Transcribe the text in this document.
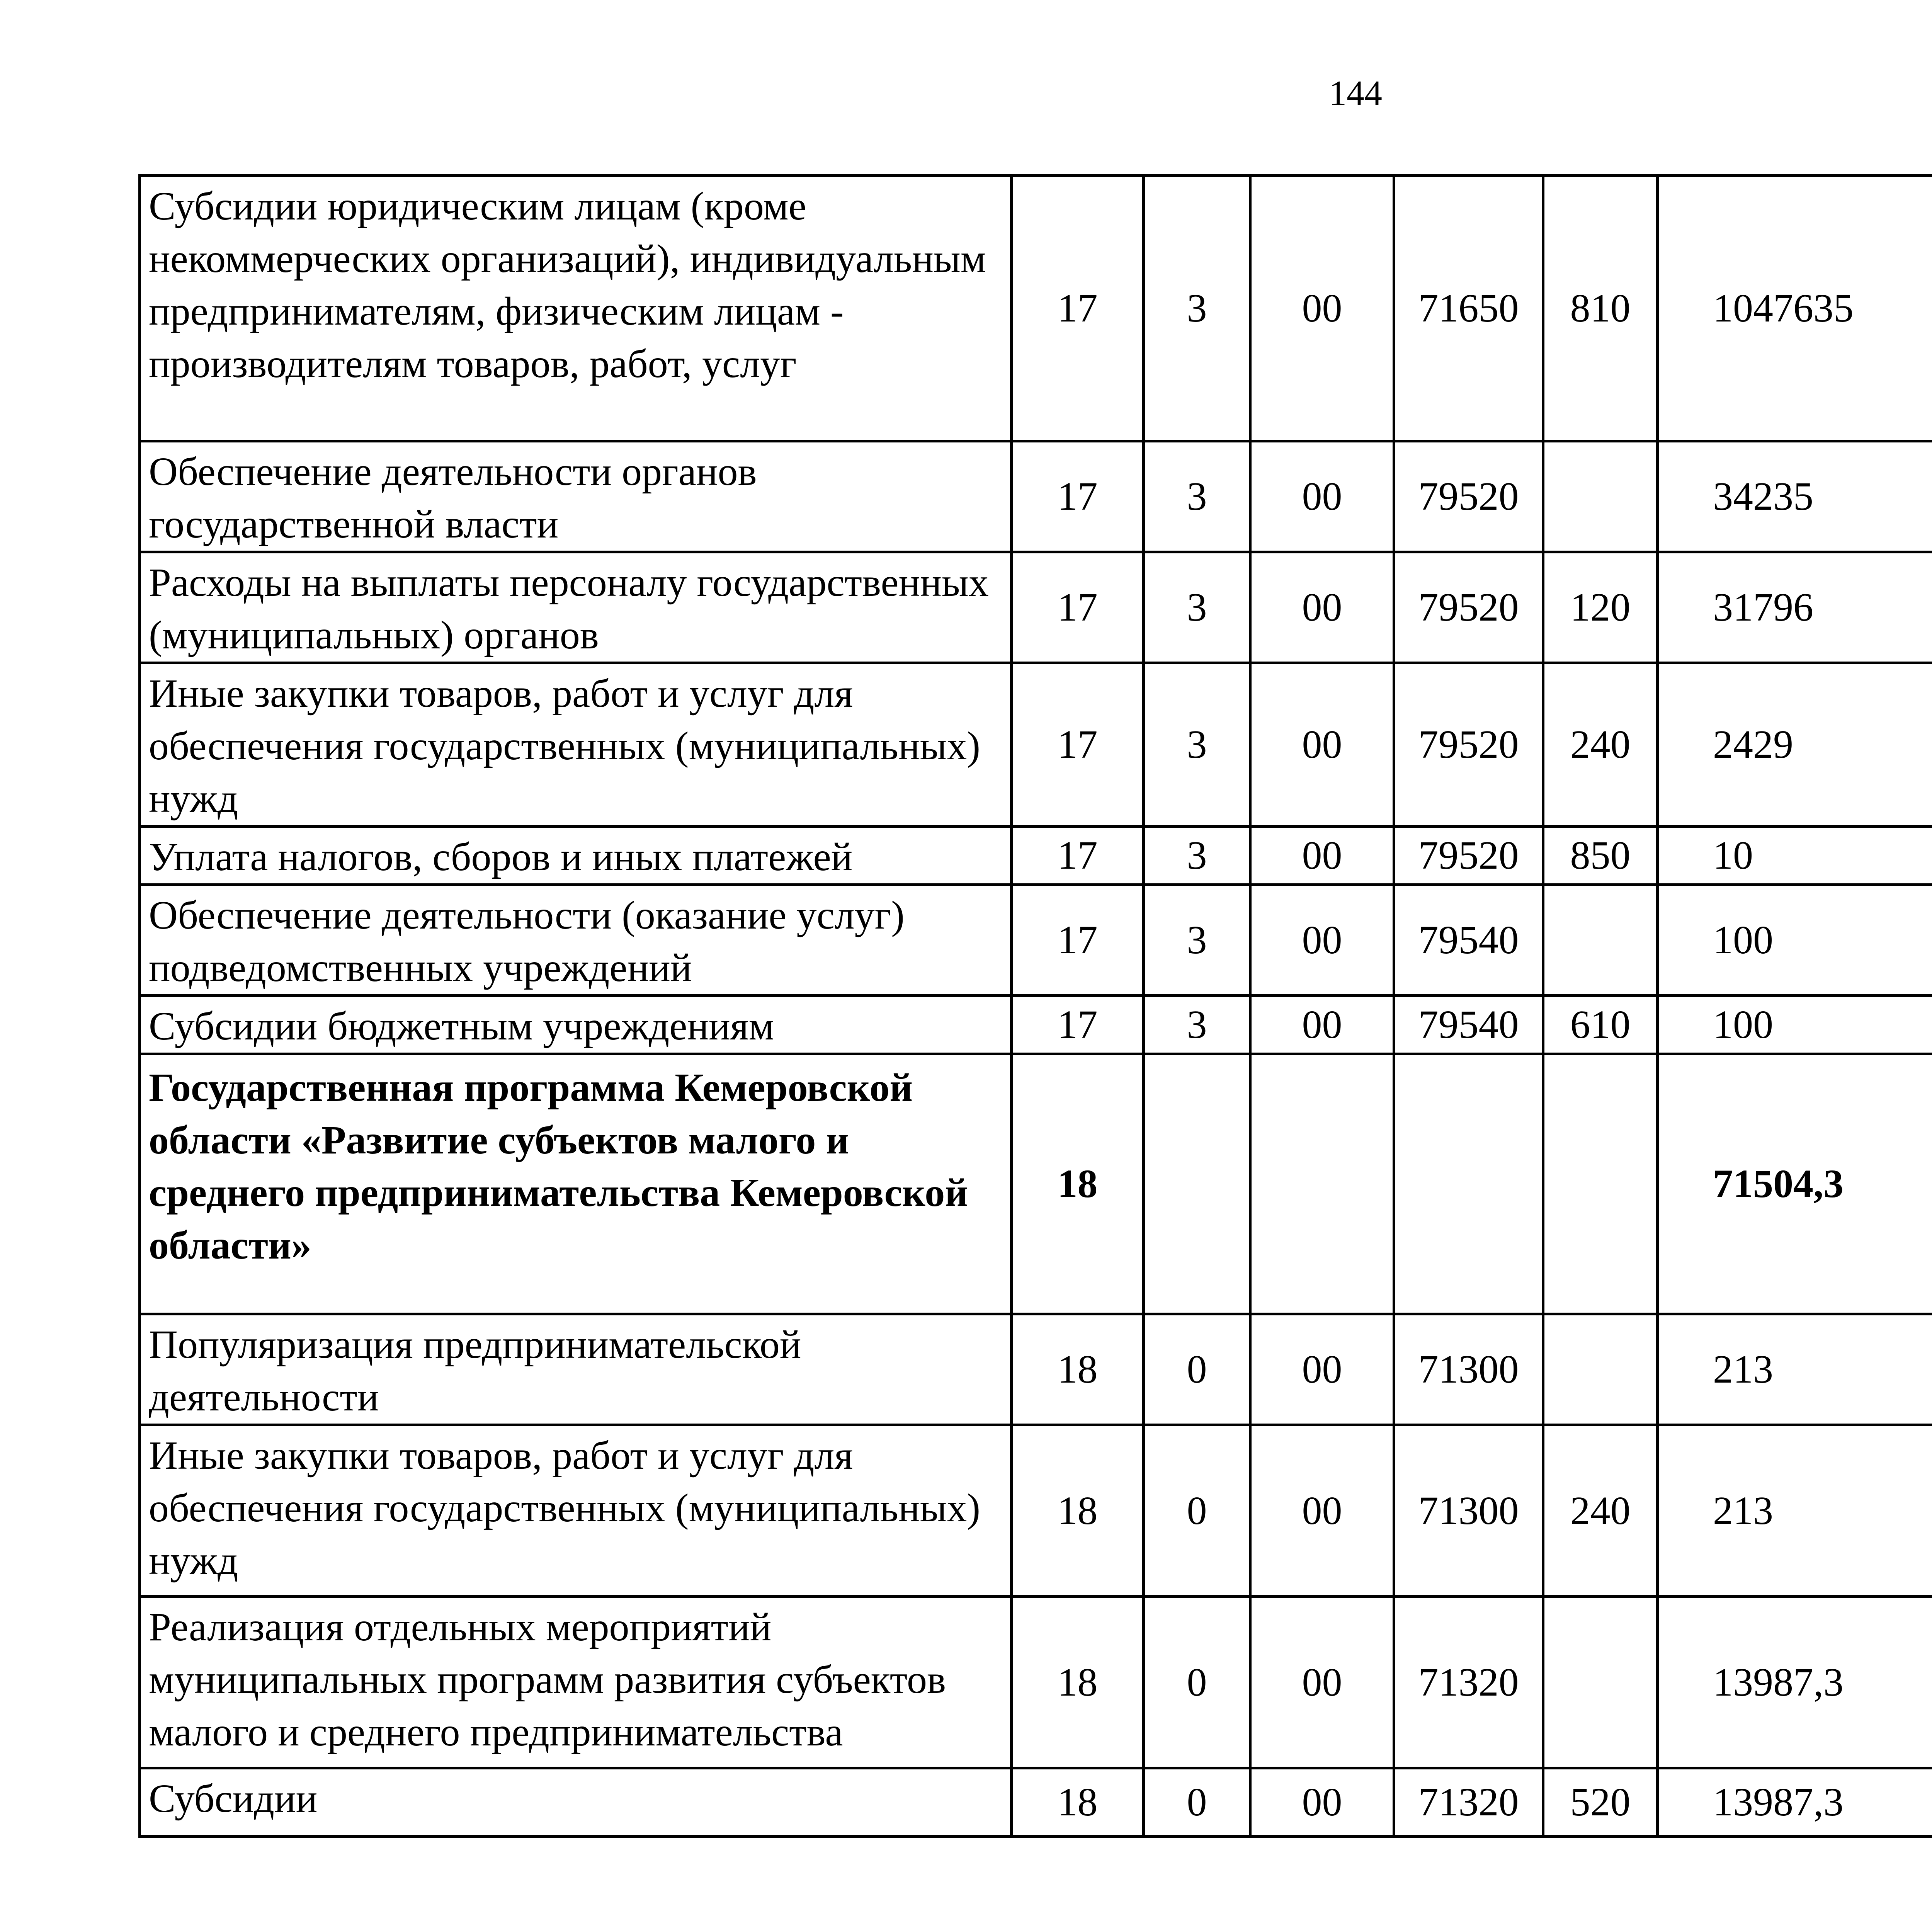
144
Субсидии юридическим лицам (кроме некоммерческих организаций), индивидуальным предпринимателям, физическим лицам - производителям товаров, работ, услуг	17	3	00	71650	810	1047635		
Обеспечение деятельности органов государственной власти	17	3	00	79520		34235		
Расходы на выплаты персоналу государственных (муниципальных) органов	17	3	00	79520	120	31796		
Иные закупки товаров, работ и услуг для обеспечения государственных (муниципальных) нужд	17	3	00	79520	240	2429		
Уплата налогов, сборов и иных платежей	17	3	00	79520	850	10		
Обеспечение деятельности (оказание услуг) подведомственных учреждений	17	3	00	79540		100		
Субсидии бюджетным учреждениям	17	3	00	79540	610	100		
Государственная программа Кемеровской области «Развитие субъектов малого и среднего предпринимательства Кемеровской области»	18					71504,3		
Популяризация предпринимательской деятельности	18	0	00	71300		213		
Иные закупки товаров, работ и услуг для обеспечения государственных (муниципальных) нужд	18	0	00	71300	240	213		
Реализация отдельных мероприятий муниципальных программ развития субъектов малого и среднего предпринимательства	18	0	00	71320		13987,3		
Субсидии	18	0	00	71320	520	13987,3		
